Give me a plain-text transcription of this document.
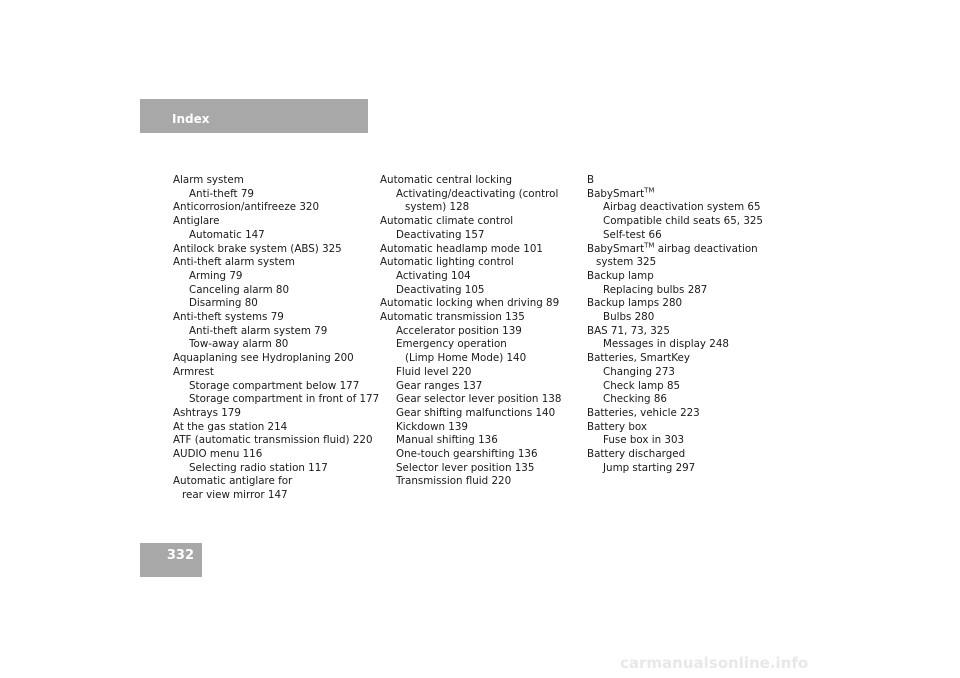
Index
Alarm system
Anti-theft 79
Anticorrosion/antifreeze 320
Antiglare
Automatic 147
Antilock brake system (ABS) 325
Anti-theft alarm system
Arming 79
Canceling alarm 80
Disarming 80
Anti-theft systems 79
Anti-theft alarm system 79
Tow-away alarm 80
Aquaplaning see Hydroplaning 200
Armrest
Storage compartment below 177
Storage compartment in front of 177
Ashtrays 179
At the gas station 214
ATF (automatic transmission fluid) 220
AUDIO menu 116
Selecting radio station 117
Automatic antiglare for
rear view mirror 147
Automatic central locking
Activating/deactivating (control
system) 128
Automatic climate control
Deactivating 157
Automatic headlamp mode 101
Automatic lighting control
Activating 104
Deactivating 105
Automatic locking when driving 89
Automatic transmission 135
Accelerator position 139
Emergency operation
(Limp Home Mode) 140
Fluid level 220
Gear ranges 137
Gear selector lever position 138
Gear shifting malfunctions 140
Kickdown 139
Manual shifting 136
One-touch gearshifting 136
Selector lever position 135
Transmission fluid 220
B
BabySmart™
Airbag deactivation system 65
Compatible child seats 65, 325
Self-test 66
BabySmart™ airbag deactivation
system 325
Backup lamp
Replacing bulbs 287
Backup lamps 280
Bulbs 280
BAS 71, 73, 325
Messages in display 248
Batteries, SmartKey
Changing 273
Check lamp 85
Checking 86
Batteries, vehicle 223
Battery box
Fuse box in 303
Battery discharged
Jump starting 297
332
carmanualsonline.info
